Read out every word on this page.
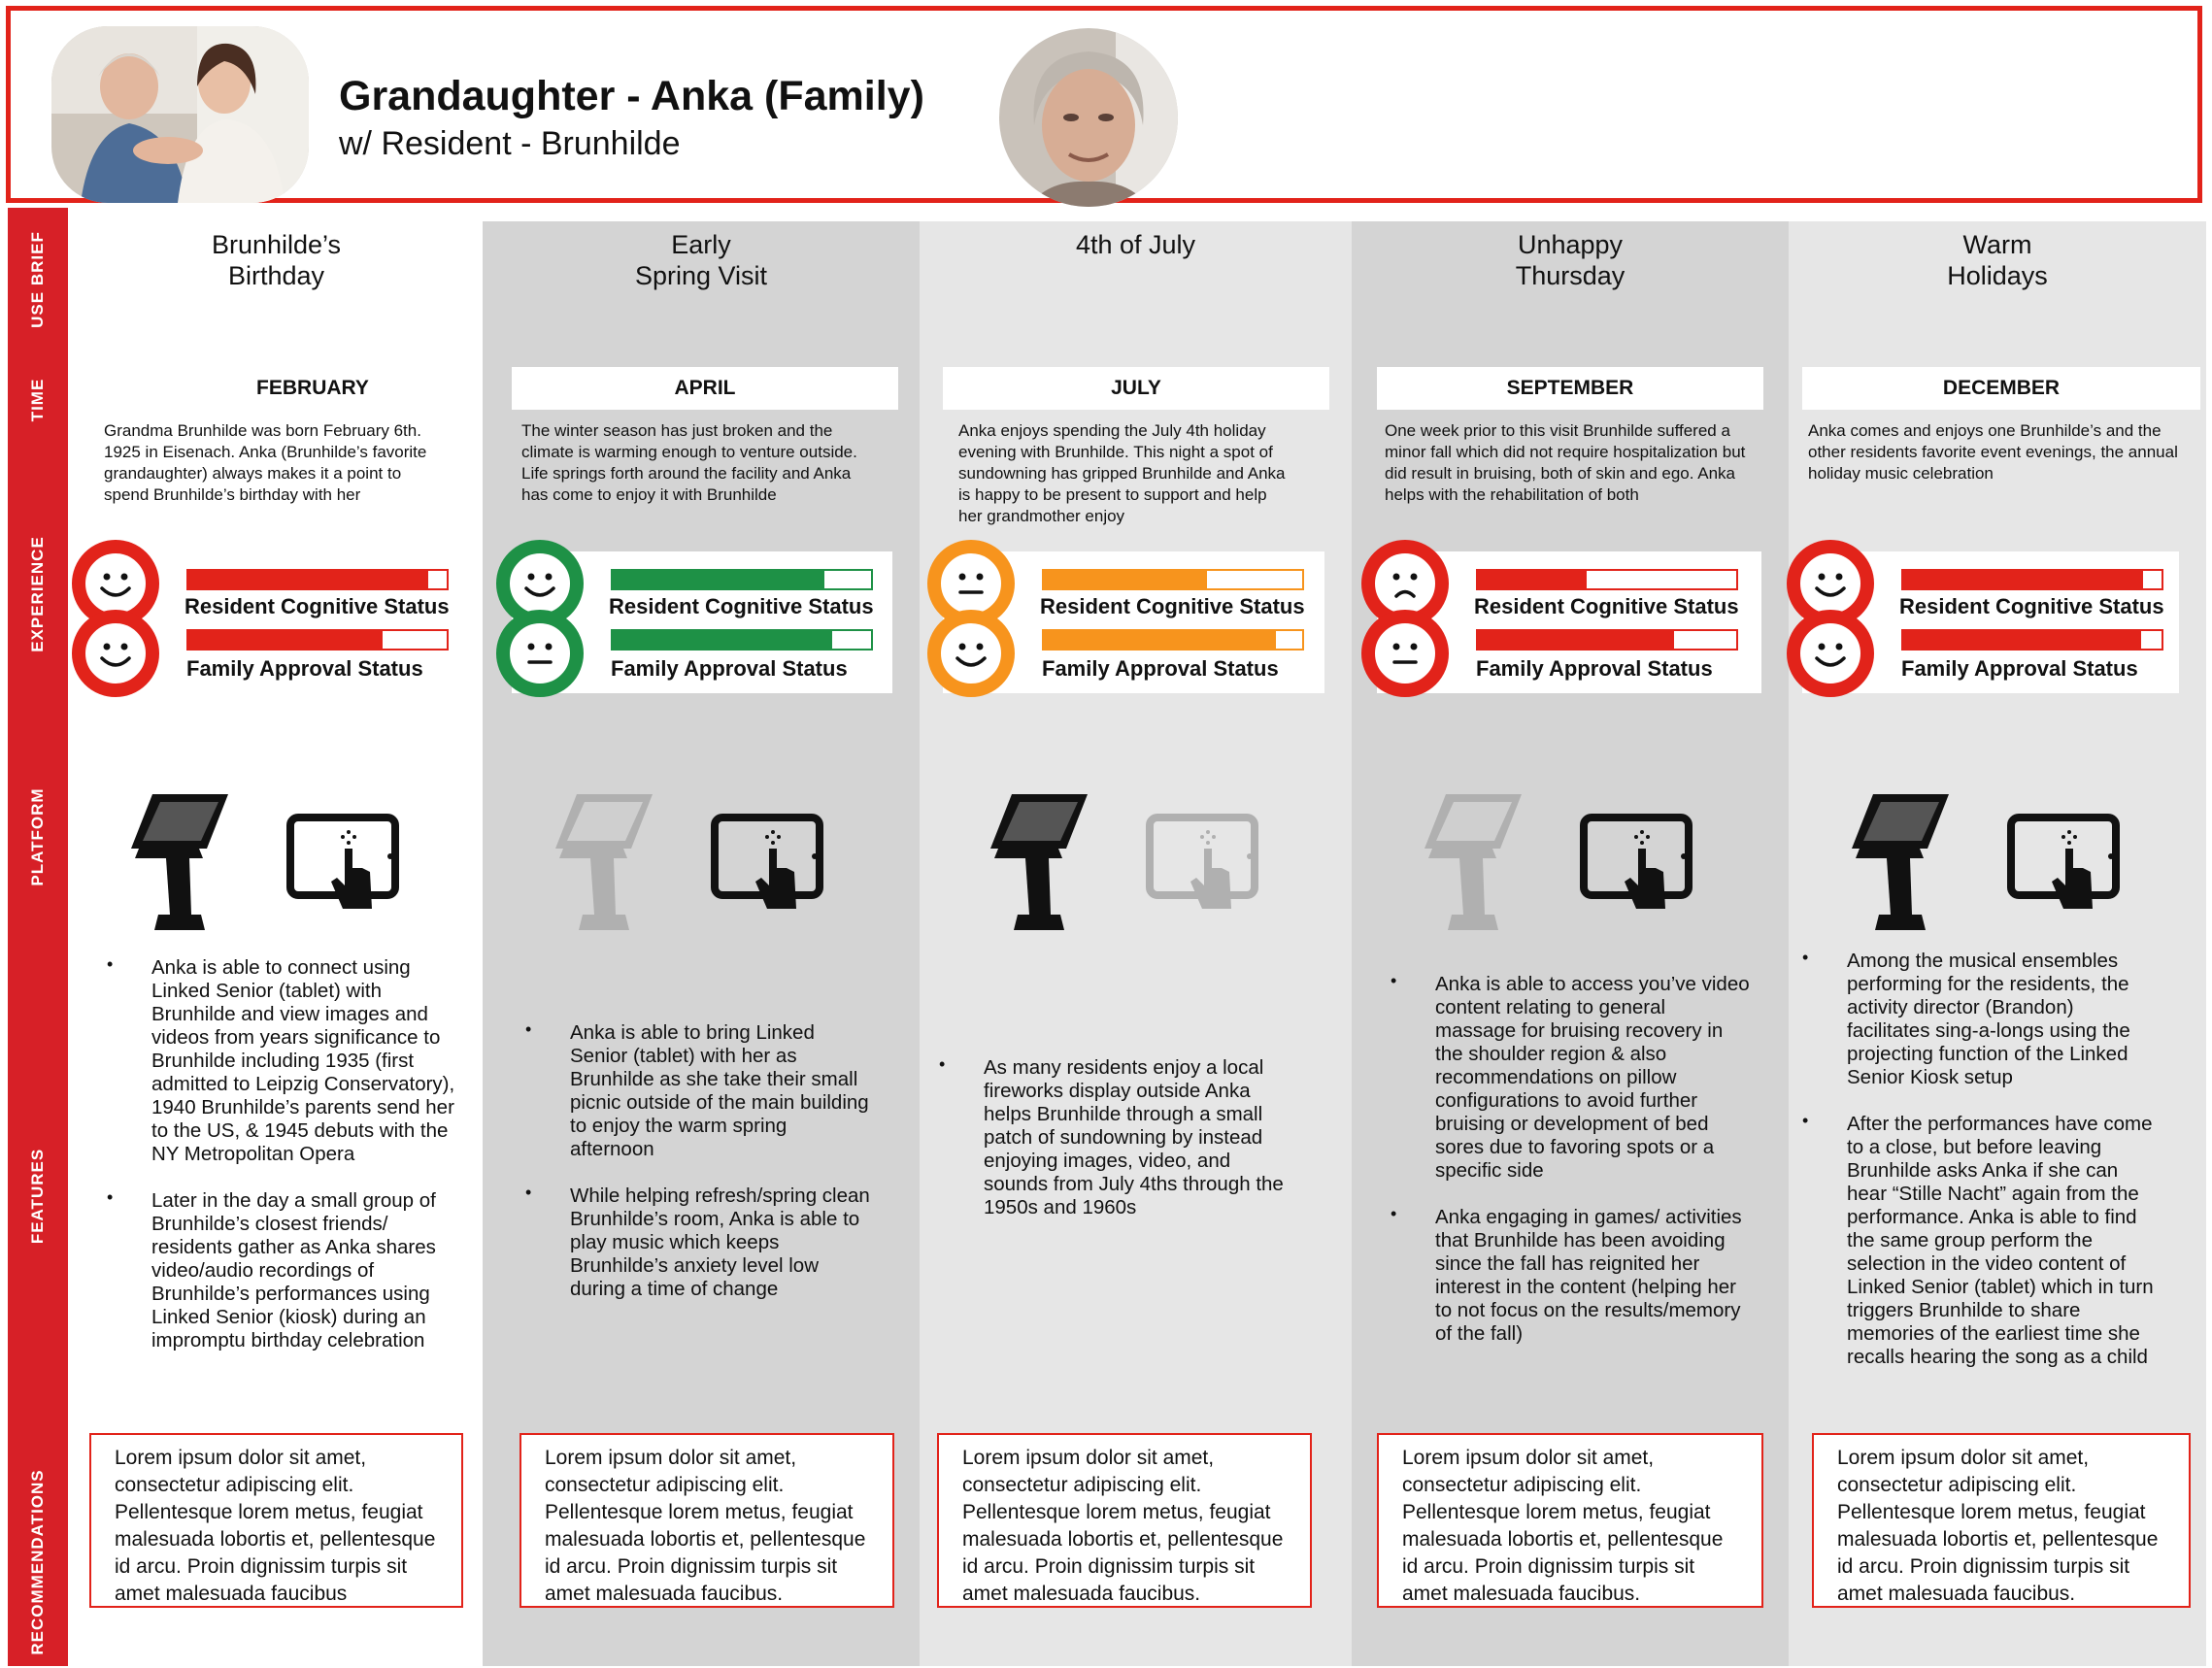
Grandaughter - Anka (Family)
w/ Resident - Brunhilde
USE BRIEF
TIME
EXPERIENCE
PLATFORM
FEATURES
RECOMMENDATIONS
Brunhilde’s
Birthday
FEBRUARY
Grandma Brunhilde was born February 6th. 1925 in Eisenach. Anka (Brunhilde’s favorite grandaughter) always makes it a point to spend Brunhilde’s birthday with her
Resident Cognitive Status
Family Approval Status
• Anka is able to connect using Linked Senior (tablet) with Brunhilde and view images and videos from years significance to Brunhilde including 1935 (first admitted to Leipzig Conservatory), 1940 Brunhilde’s parents send her to the US, & 1945 debuts with the NY Metropolitan Opera
• Later in the day a small group of Brunhilde’s closest friends/ residents gather as Anka shares video/audio recordings of Brunhilde’s performances using Linked Senior (kiosk) during an impromptu birthday celebration
Lorem ipsum dolor sit amet, consectetur adipiscing elit. Pellentesque lorem metus, feugiat malesuada lobortis et, pellentesque id arcu. Proin dignissim turpis sit amet malesuada faucibus
Early
Spring Visit
APRIL
The winter season has just broken and the climate is warming enough to venture outside. Life springs forth around the facility and Anka has come to enjoy it with Brunhilde
Resident Cognitive Status
Family Approval Status
• Anka is able to bring Linked Senior (tablet) with her as Brunhilde as she take their small picnic outside of the main building to enjoy the warm spring afternoon
• While helping refresh/spring clean Brunhilde’s room, Anka is able to play music which keeps Brunhilde’s anxiety level low during a time of change
Lorem ipsum dolor sit amet, consectetur adipiscing elit. Pellentesque lorem metus, feugiat malesuada lobortis et, pellentesque id arcu. Proin dignissim turpis sit amet malesuada faucibus.
4th of July
JULY
Anka enjoys spending the July 4th holiday evening with Brunhilde. This night a spot of sundowning has gripped Brunhilde and Anka is happy to be present to support and help her grandmother enjoy
Resident Cognitive Status
Family Approval Status
• As many residents enjoy a local fireworks display outside Anka helps Brunhilde through a small patch of sundowning by instead enjoying images, video, and sounds from July 4ths through the 1950s and 1960s
Lorem ipsum dolor sit amet, consectetur adipiscing elit. Pellentesque lorem metus, feugiat malesuada lobortis et, pellentesque id arcu. Proin dignissim turpis sit amet malesuada faucibus.
Unhappy
Thursday
SEPTEMBER
One week prior to this visit Brunhilde suffered a minor fall which did not require hospitalization but did result in bruising, both of skin and ego. Anka helps with the rehabilitation of both
Resident Cognitive Status
Family Approval Status
• Anka is able to access you’ve video content relating to general massage for bruising recovery in the shoulder region & also recommendations on pillow configurations to avoid further bruising or development of bed sores due to favoring spots or a specific side
• Anka engaging in games/ activities that Brunhilde has been avoiding since the fall has reignited her interest in the content (helping her to not focus on the results/memory of the fall)
Lorem ipsum dolor sit amet, consectetur adipiscing elit. Pellentesque lorem metus, feugiat malesuada lobortis et, pellentesque id arcu. Proin dignissim turpis sit amet malesuada faucibus.
Warm
Holidays
DECEMBER
Anka comes and enjoys one Brunhilde’s and the other residents favorite event evenings, the annual holiday music celebration
Resident Cognitive Status
Family Approval Status
• Among the musical ensembles performing for the residents, the activity director (Brandon) facilitates sing-a-longs using the projecting function of the Linked Senior Kiosk setup
• After the performances have come to a close, but before leaving Brunhilde asks Anka if she can hear “Stille Nacht” again from the performance. Anka is able to find the same group perform the selection in the video content of Linked Senior (tablet) which in turn triggers Brunhilde to share memories of the earliest time she recalls hearing the song as a child
Lorem ipsum dolor sit amet, consectetur adipiscing elit. Pellentesque lorem metus, feugiat malesuada lobortis et, pellentesque id arcu. Proin dignissim turpis sit amet malesuada faucibus.
